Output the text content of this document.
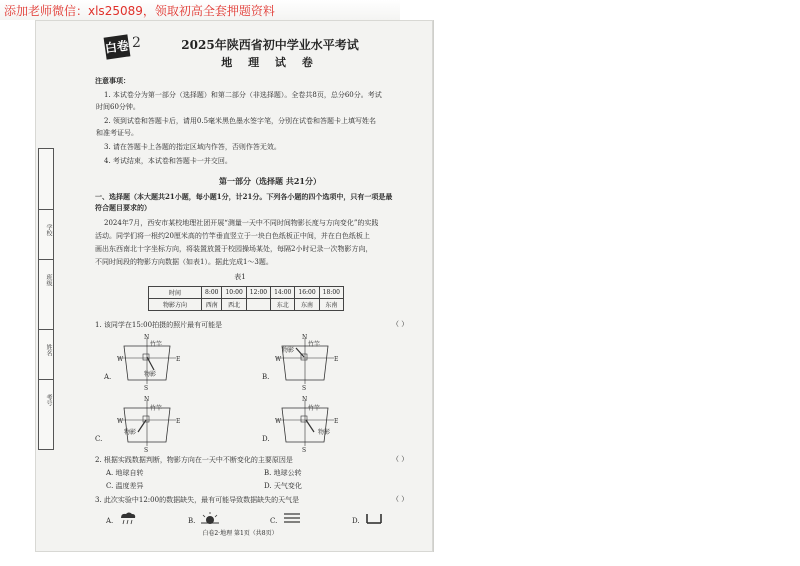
添加老师微信：xls25089，领取初高全套押题资料
学校
班级
姓名
考号
白卷 2	2025年陕西省初中学业水平考试
地 理 试 卷
注意事项：
1. 本试卷分为第一部分（选择题）和第二部分（非选择题）。全卷共8页，总分60分。考试
时间60分钟。
2. 领到试卷和答题卡后，请用0.5毫米黑色墨水签字笔，分别在试卷和答题卡上填写姓名
和准考证号。
3. 请在答题卡上各题的指定区域内作答，否则作答无效。
4. 考试结束，本试卷和答题卡一并交回。
第一部分（选择题 共21分）
一、选择题（本大题共21小题，每小题1分，计21分。下列各小题的四个选项中，只有一项是最
符合题目要求的）
2024年7月，西安市某校地理社团开展“测量一天中不同时间物影长度与方向变化”的实践
活动。同学们将一根约20厘米高的竹竿垂直竖立于一块白色纸板正中间，并在白色纸板上
画出东西南北十字坐标方向，将装置放置于校园操场某处，每隔2小时记录一次物影方向，
不同时间段的物影方向数据（如表1）。据此完成1～3题。
表1
时间	8:00	10:00	12:00	14:00	16:00	18:00
物影方向	西南	西北		东北	东南	东南
1. 该同学在15:00拍摄的照片最有可能是	（ ）
A.
N
竹竿
物影
W	E
S
B.
N
竹竿
物影
W	E
S
C.
N
竹竿
物影
W	E
S
D.
N
竹竿
物影
W	E
S
2. 根据实践数据判断，物影方向在一天中不断变化的主要原因是	（ ）
A. 地球自转	B. 地球公转
C. 温度差异	D. 天气变化
3. 此次实验中12:00的数据缺失，最有可能导致数据缺失的天气是	（ ）
A.	B.	C.	D.
白卷2·地理 第1页（共8页）
